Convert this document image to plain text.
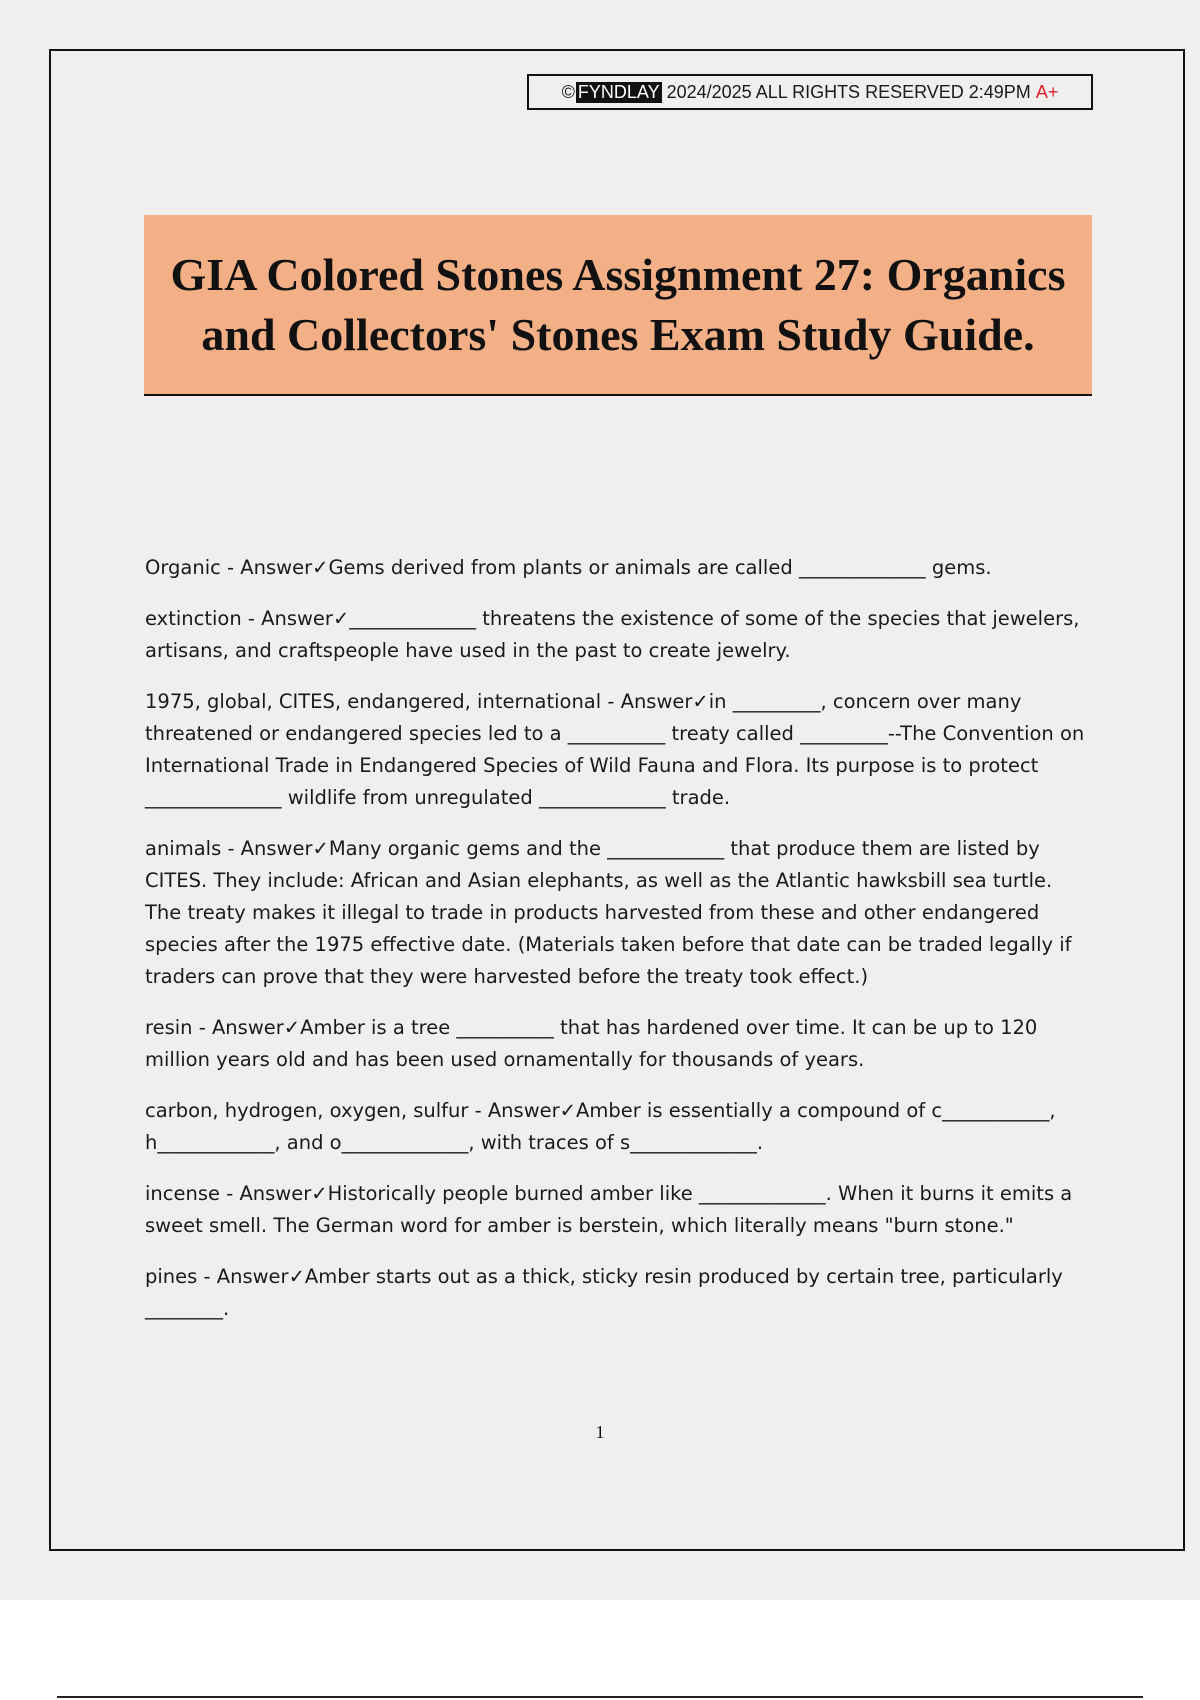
© FYNDLAY 2024/2025 ALL RIGHTS RESERVED 2:49PM A+
GIA Colored Stones Assignment 27: Organics and Collectors' Stones Exam Study Guide.

Organic - Answer✓Gems derived from plants or animals are called _____________ gems.

extinction - Answer✓_____________ threatens the existence of some of the species that jewelers, artisans, and craftspeople have used in the past to create jewelry.

1975, global, CITES, endangered, international - Answer✓in _________, concern over many threatened or endangered species led to a __________ treaty called _________--The Convention on International Trade in Endangered Species of Wild Fauna and Flora. Its purpose is to protect ______________ wildlife from unregulated _____________ trade.

animals - Answer✓Many organic gems and the ____________ that produce them are listed by CITES. They include: African and Asian elephants, as well as the Atlantic hawksbill sea turtle. The treaty makes it illegal to trade in products harvested from these and other endangered species after the 1975 effective date. (Materials taken before that date can be traded legally if traders can prove that they were harvested before the treaty took effect.)

resin - Answer✓Amber is a tree __________ that has hardened over time. It can be up to 120 million years old and has been used ornamentally for thousands of years.

carbon, hydrogen, oxygen, sulfur - Answer✓Amber is essentially a compound of c___________, h____________, and o_____________, with traces of s_____________.

incense - Answer✓Historically people burned amber like _____________. When it burns it emits a sweet smell. The German word for amber is berstein, which literally means "burn stone."

pines - Answer✓Amber starts out as a thick, sticky resin produced by certain tree, particularly ________.

1
